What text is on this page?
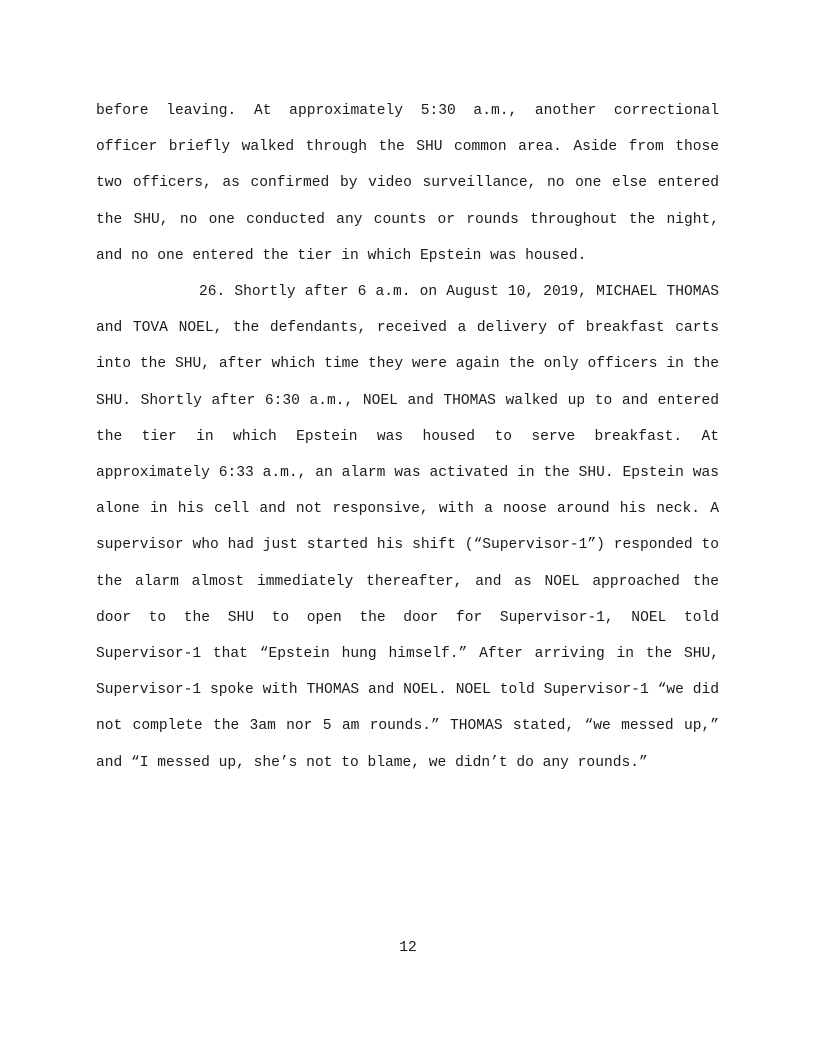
before leaving. At approximately 5:30 a.m., another correctional officer briefly walked through the SHU common area. Aside from those two officers, as confirmed by video surveillance, no one else entered the SHU, no one conducted any counts or rounds throughout the night, and no one entered the tier in which Epstein was housed.

26. Shortly after 6 a.m. on August 10, 2019, MICHAEL THOMAS and TOVA NOEL, the defendants, received a delivery of breakfast carts into the SHU, after which time they were again the only officers in the SHU. Shortly after 6:30 a.m., NOEL and THOMAS walked up to and entered the tier in which Epstein was housed to serve breakfast. At approximately 6:33 a.m., an alarm was activated in the SHU. Epstein was alone in his cell and not responsive, with a noose around his neck. A supervisor who had just started his shift (“Supervisor-1”) responded to the alarm almost immediately thereafter, and as NOEL approached the door to the SHU to open the door for Supervisor-1, NOEL told Supervisor-1 that “Epstein hung himself.” After arriving in the SHU, Supervisor-1 spoke with THOMAS and NOEL. NOEL told Supervisor-1 “we did not complete the 3am nor 5 am rounds.” THOMAS stated, “we messed up,” and “I messed up, she’s not to blame, we didn’t do any rounds.”

12
